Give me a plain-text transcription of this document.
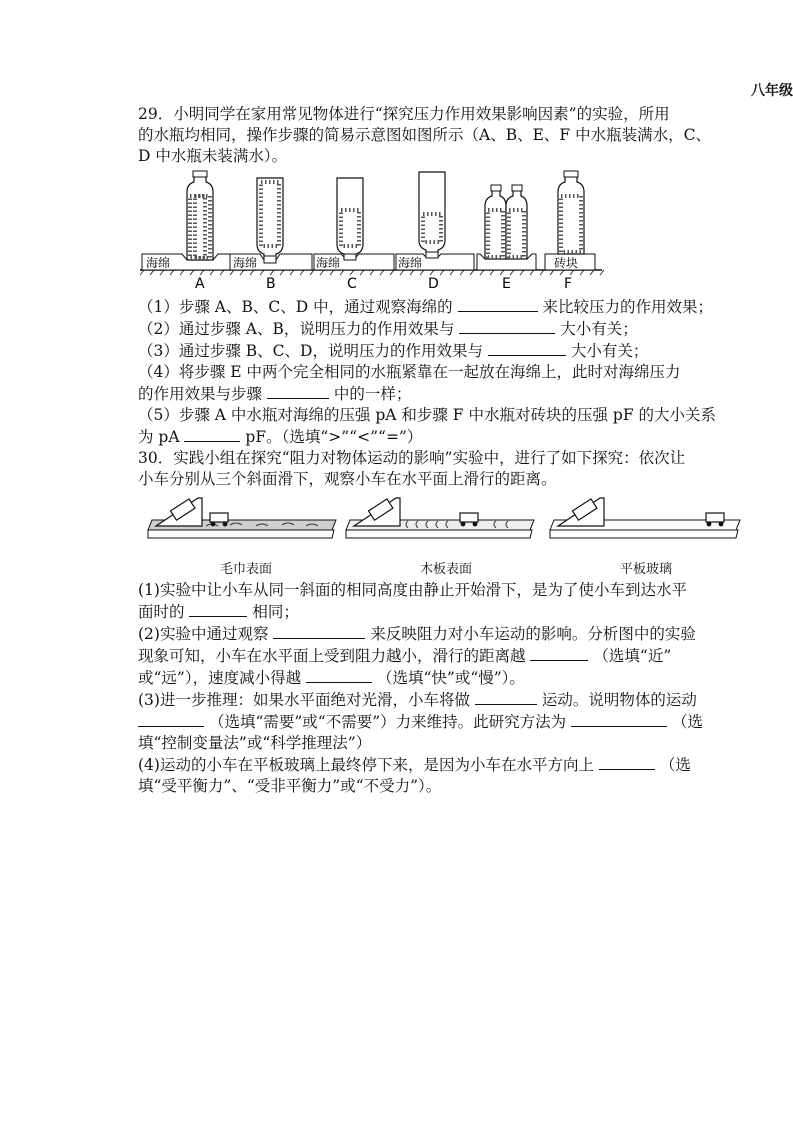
八年级
29．小明同学在家用常见物体进行“探究压力作用效果影响因素”的实验，所用
的水瓶均相同，操作步骤的简易示意图如图所示（A、B、E、F 中水瓶装满水，C、
D 中水瓶未装满水）。
海绵	海绵	海绵	海绵	砖块
A	B	C	D	E	F
（1）步骤 A、B、C、D 中，通过观察海绵的	来比较压力的作用效果；
（2）通过步骤 A、B，说明压力的作用效果与	大小有关；
（3）通过步骤 B、C、D，说明压力的作用效果与	大小有关；
（4）将步骤 E 中两个完全相同的水瓶紧靠在一起放在海绵上，此时对海绵压力
的作用效果与步骤	中的一样；
（5）步骤 A 中水瓶对海绵的压强 pA 和步骤 F 中水瓶对砖块的压强 pF 的大小关系
为 pA	pF。（选填“>”“<”“=”）
30．实践小组在探究“阻力对物体运动的影响”实验中，进行了如下探究：依次让
小车分别从三个斜面滑下，观察小车在水平面上滑行的距离。
毛巾表面	木板表面	平板玻璃
(1)实验中让小车从同一斜面的相同高度由静止开始滑下，是为了使小车到达水平
面时的	相同；
(2)实验中通过观察	来反映阻力对小车运动的影响。分析图中的实验
现象可知，小车在水平面上受到阻力越小，滑行的距离越	（选填“近”
或“远”），速度减小得越	（选填“快”或“慢”）。
(3)进一步推理：如果水平面绝对光滑，小车将做	运动。说明物体的运动
（选填“需要”或“不需要”）力来维持。此研究方法为	（选
填“控制变量法”或“科学推理法”）
(4)运动的小车在平板玻璃上最终停下来，是因为小车在水平方向上	（选
填“受平衡力”、“受非平衡力”或“不受力”）。
